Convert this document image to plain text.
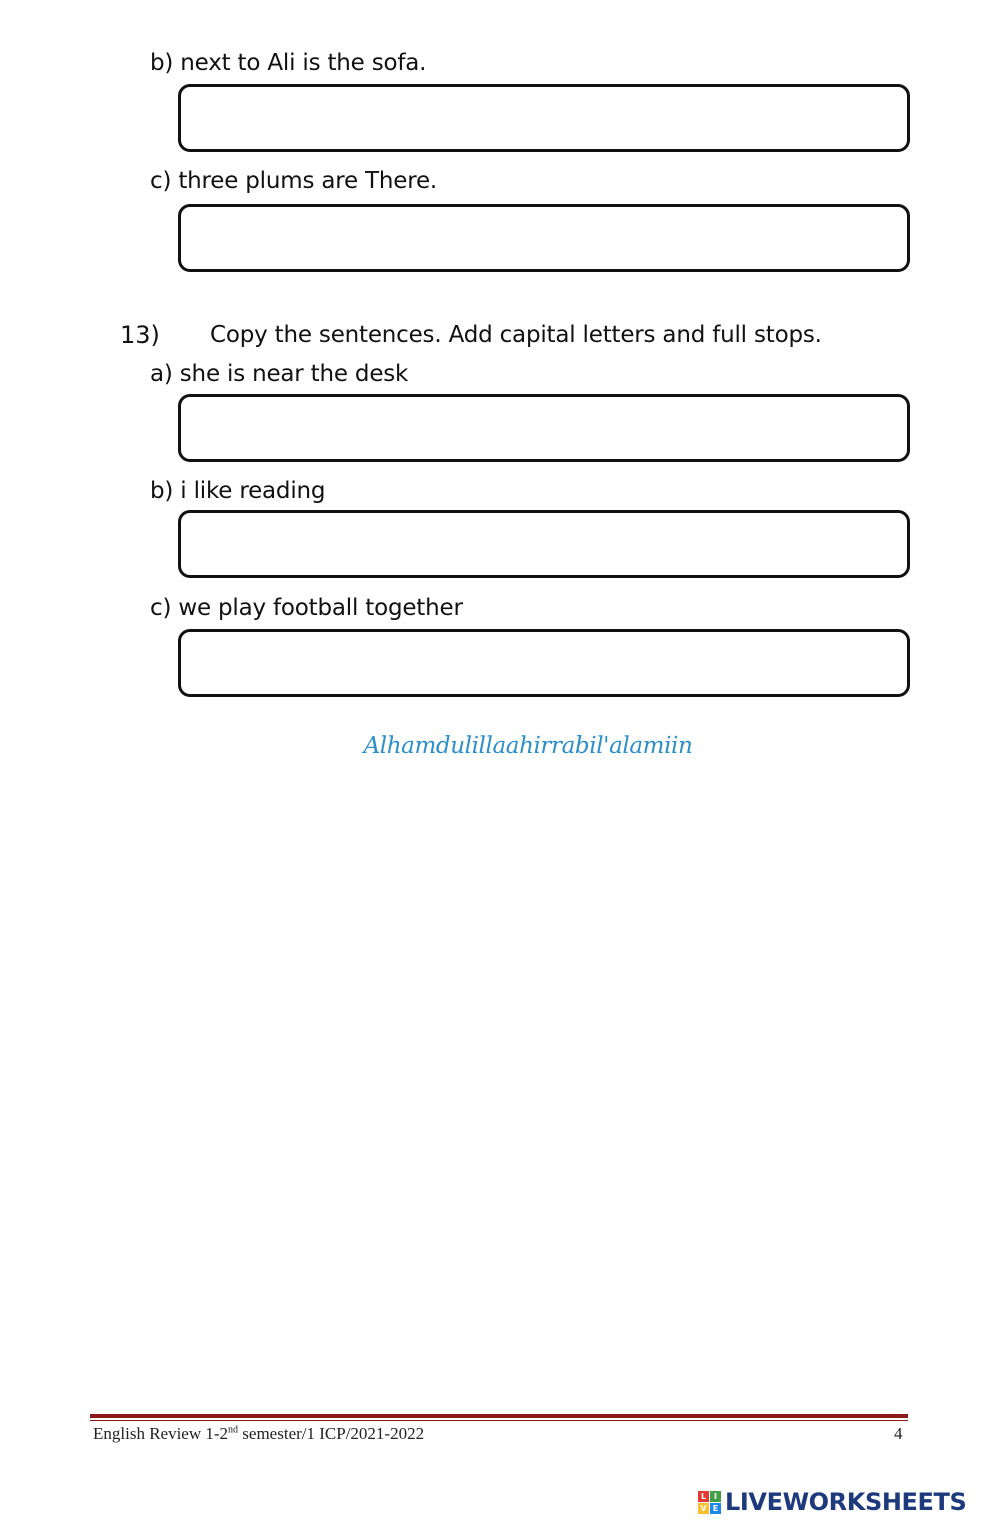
b) next to Ali is the sofa.
c) three plums are There.
13) Copy the sentences. Add capital letters and full stops.
a) she is near the desk
b) i like reading
c) we play football together
Alhamdulillaahirrabil'alamiin
English Review 1-2nd semester/1 ICP/2021-2022	4
L I
V E LIVEWORKSHEETS
